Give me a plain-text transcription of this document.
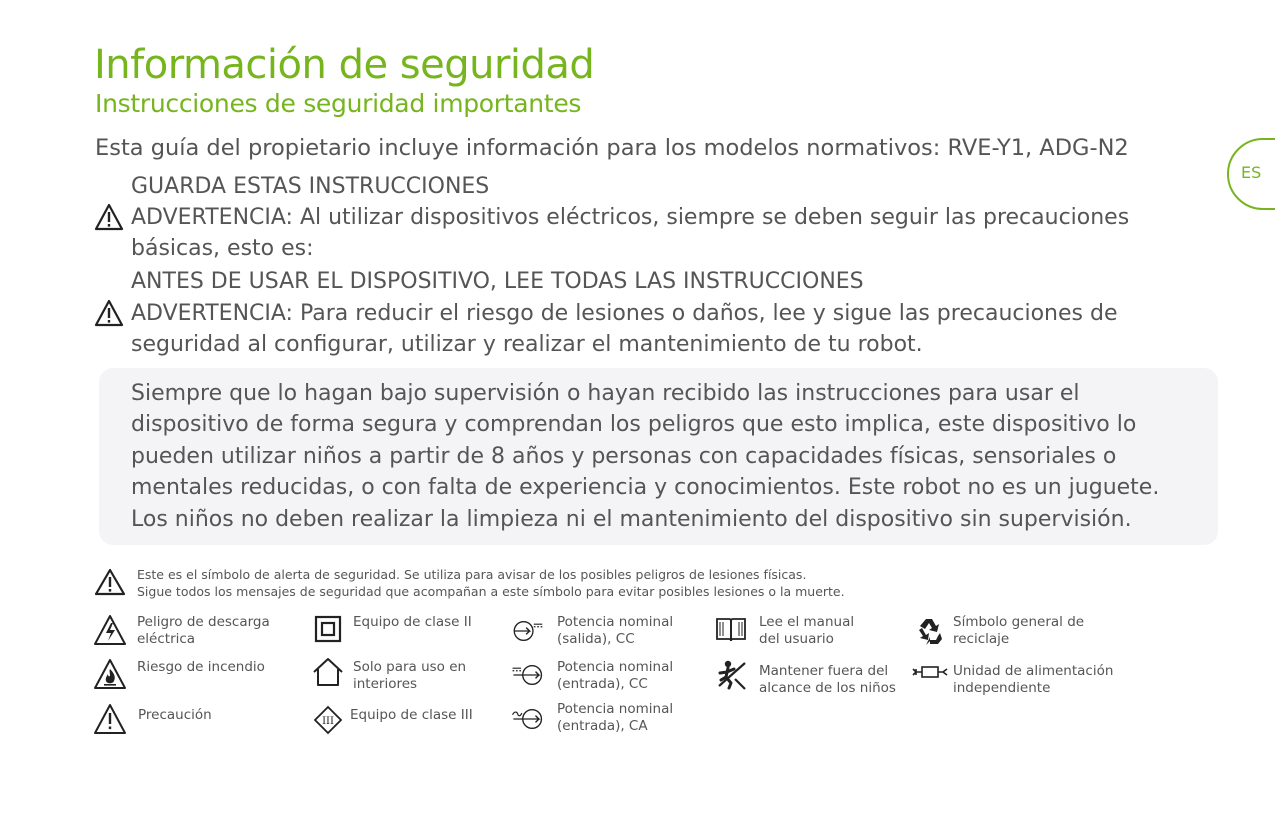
Información de seguridad
Instrucciones de seguridad importantes
Esta guía del propietario incluye información para los modelos normativos: RVE-Y1, ADG-N2
ES
GUARDA ESTAS INSTRUCCIONES
ADVERTENCIA: Al utilizar dispositivos eléctricos, siempre se deben seguir las precauciones
básicas, esto es:
ANTES DE USAR EL DISPOSITIVO, LEE TODAS LAS INSTRUCCIONES
ADVERTENCIA: Para reducir el riesgo de lesiones o daños, lee y sigue las precauciones de
seguridad al configurar, utilizar y realizar el mantenimiento de tu robot.
Siempre que lo hagan bajo supervisión o hayan recibido las instrucciones para usar el
dispositivo de forma segura y comprendan los peligros que esto implica, este dispositivo lo
pueden utilizar niños a partir de 8 años y personas con capacidades físicas, sensoriales o
mentales reducidas, o con falta de experiencia y conocimientos. Este robot no es un juguete.
Los niños no deben realizar la limpieza ni el mantenimiento del dispositivo sin supervisión.
Este es el símbolo de alerta de seguridad. Se utiliza para avisar de los posibles peligros de lesiones físicas.
Sigue todos los mensajes de seguridad que acompañan a este símbolo para evitar posibles lesiones o la muerte.
Peligro de descarga
eléctrica
Riesgo de incendio
Precaución
Equipo de clase II
Solo para uso en
interiores
III Equipo de clase III
Potencia nominal
(salida), CC
Potencia nominal
(entrada), CC
Potencia nominal
(entrada), CA
Lee el manual
del usuario
Mantener fuera del
alcance de los niños
Símbolo general de
reciclaje
Unidad de alimentación
independiente
